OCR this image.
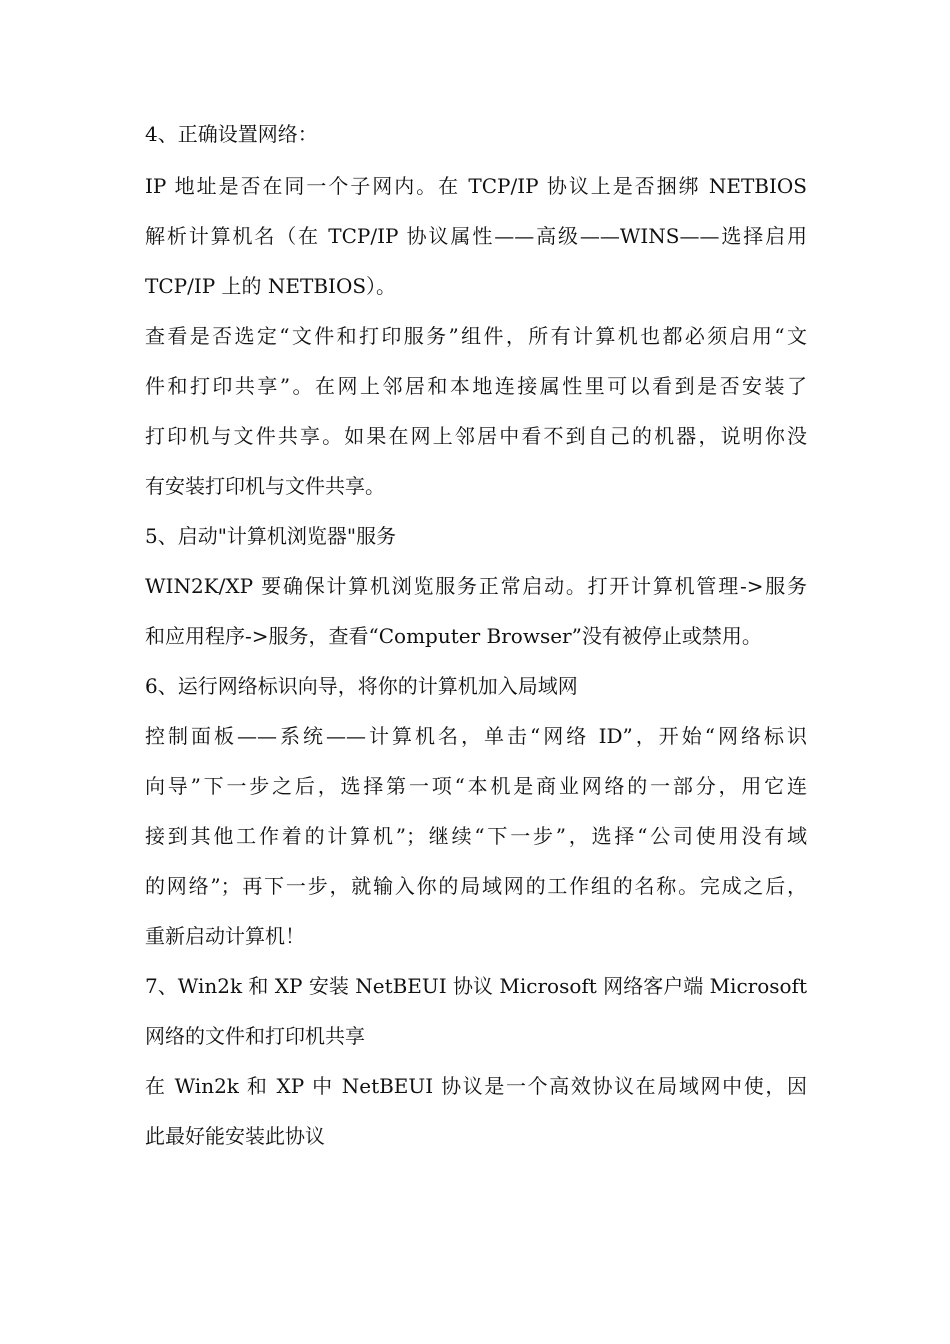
4、正确设置网络：
IP 地址是否在同一个子网内。在 TCP/IP 协议上是否捆绑 NETBIOS
解析计算机名（在 TCP/IP 协议属性——高级——WINS——选择启用
TCP/IP 上的 NETBIOS）。
查看是否选定“文件和打印服务”组件，所有计算机也都必须启用“文
件和打印共享”。在网上邻居和本地连接属性里可以看到是否安装了
打印机与文件共享。如果在网上邻居中看不到自己的机器，说明你没
有安装打印机与文件共享。
5、启动"计算机浏览器"服务
WIN2K/XP 要确保计算机浏览服务正常启动。打开计算机管理->服务
和应用程序->服务，查看“Computer Browser”没有被停止或禁用。
6、运行网络标识向导，将你的计算机加入局域网
控制面板——系统——计算机名，单击“网络 ID”，开始“网络标识
向导”下一步之后，选择第一项“本机是商业网络的一部分，用它连
接到其他工作着的计算机”；继续“下一步”，选择“公司使用没有域
的网络”；再下一步，就输入你的局域网的工作组的名称。完成之后，
重新启动计算机！
7、Win2k 和 XP 安装 NetBEUI 协议 Microsoft 网络客户端 Microsoft
网络的文件和打印机共享
在 Win2k 和 XP 中 NetBEUI 协议是一个高效协议在局域网中使，因
此最好能安装此协议
